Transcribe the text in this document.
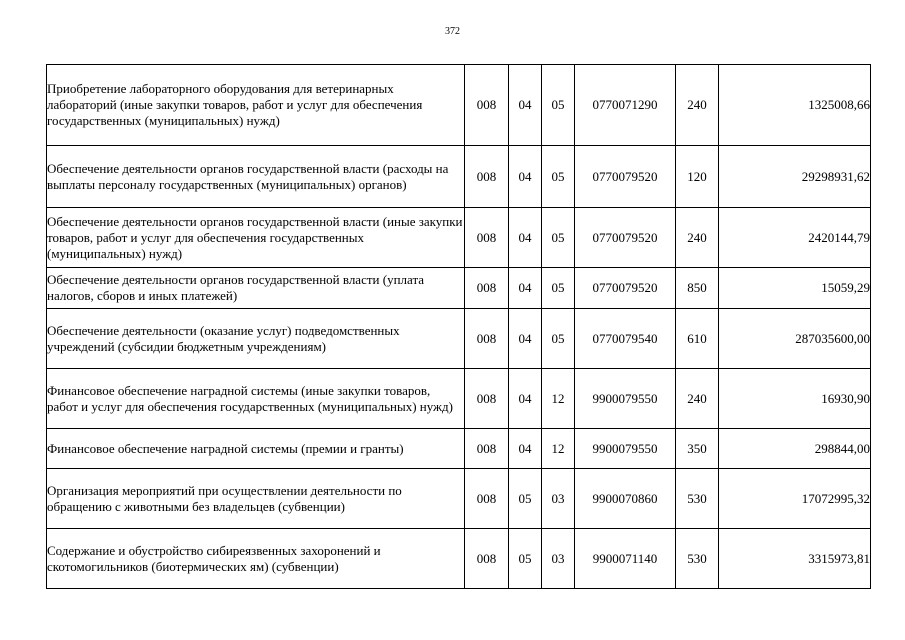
372
Приобретение лабораторного оборудования для ветеринарных лабораторий (иные закупки товаров, работ и услуг для обеспечения государственных (муниципальных) нужд)	008	04	05	0770071290	240	1325008,66
Обеспечение деятельности органов государственной власти (расходы на выплаты персоналу государственных (муниципальных) органов)	008	04	05	0770079520	120	29298931,62
Обеспечение деятельности органов государственной власти (иные закупки товаров, работ и услуг для обеспечения государственных (муниципальных) нужд)	008	04	05	0770079520	240	2420144,79
Обеспечение деятельности органов государственной власти (уплата налогов, сборов и иных платежей)	008	04	05	0770079520	850	15059,29
Обеспечение деятельности (оказание услуг) подведомственных учреждений (субсидии бюджетным учреждениям)	008	04	05	0770079540	610	287035600,00
Финансовое обеспечение наградной системы (иные закупки товаров, работ и услуг для обеспечения государственных (муниципальных) нужд)	008	04	12	9900079550	240	16930,90
Финансовое обеспечение наградной системы (премии и гранты)	008	04	12	9900079550	350	298844,00
Организация мероприятий при осуществлении деятельности по обращению с животными без владельцев (субвенции)	008	05	03	9900070860	530	17072995,32
Содержание и обустройство сибиреязвенных захоронений и скотомогильников (биотермических ям) (субвенции)	008	05	03	9900071140	530	3315973,81
